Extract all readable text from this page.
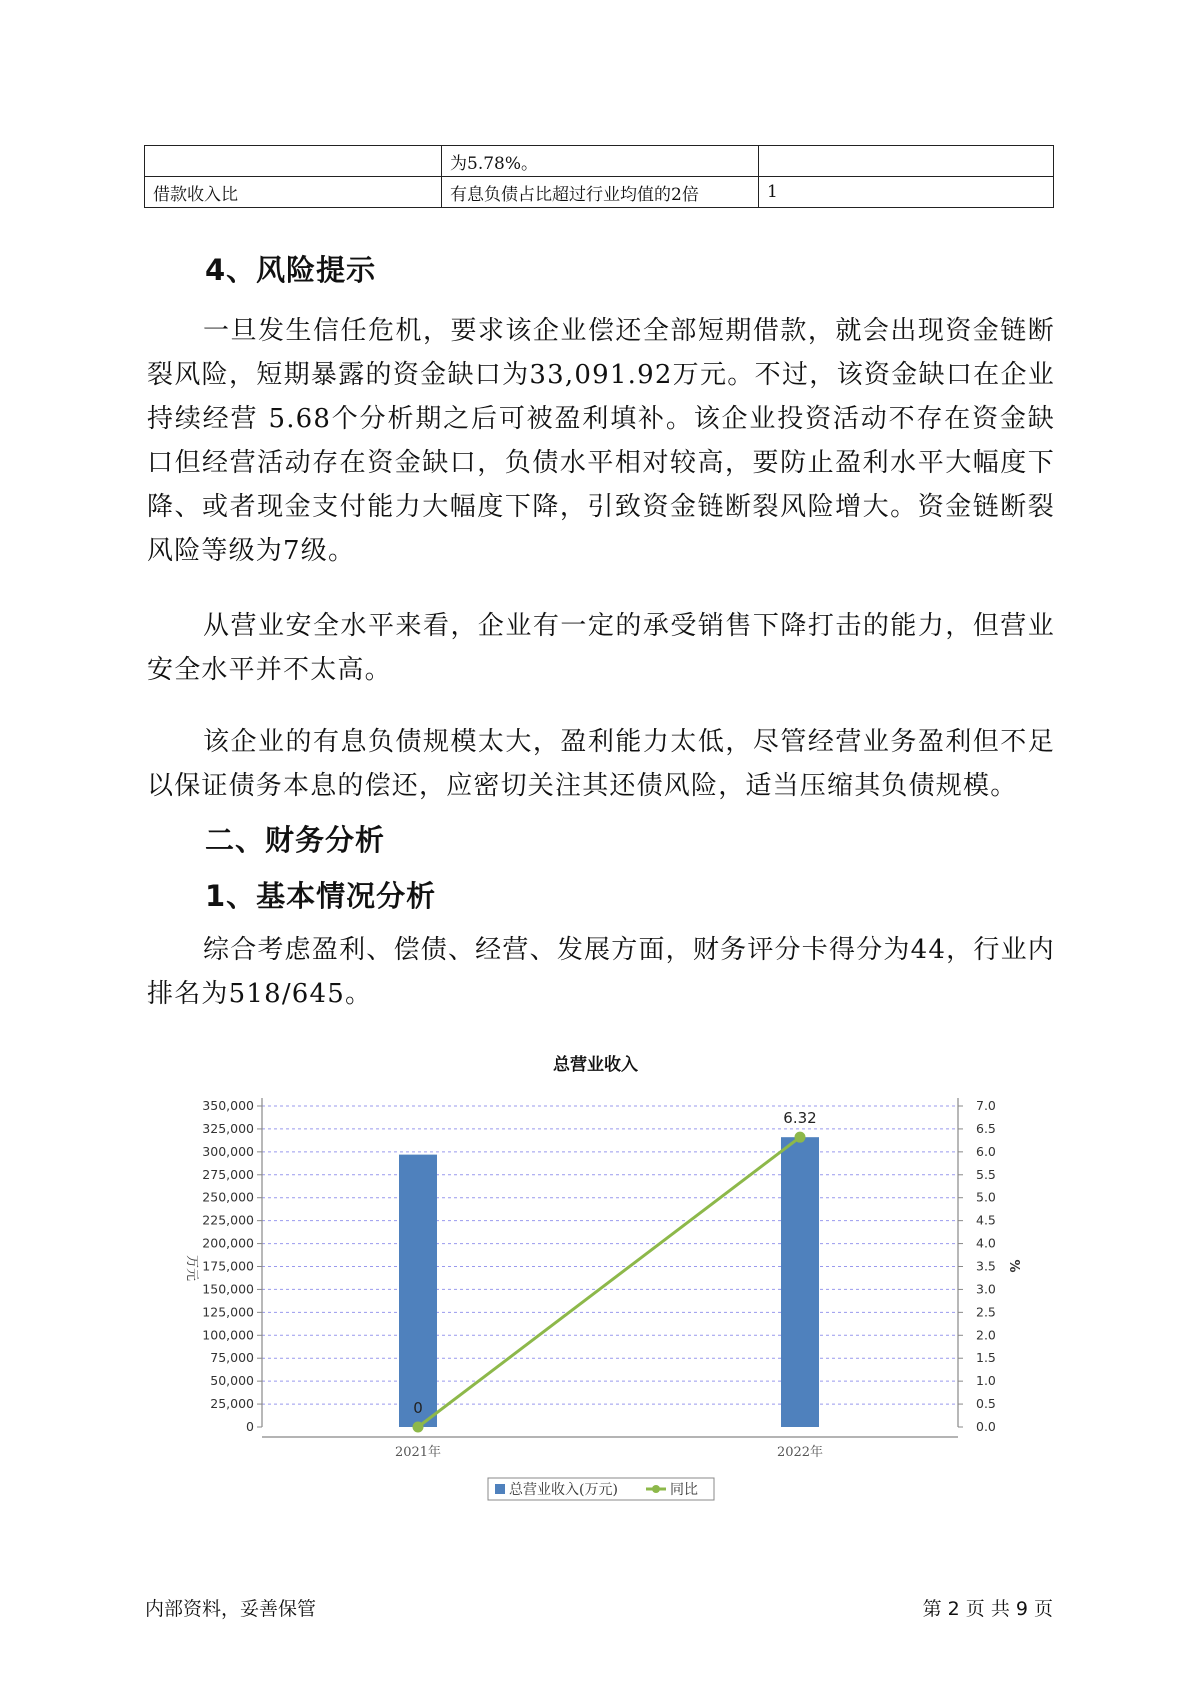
	为5.78%。	
借款收入比	有息负债占比超过行业均值的2倍	1
4、风险提示

一旦发生信任危机，要求该企业偿还全部短期借款，就会出现资金链断裂风险，短期暴露的资金缺口为33,091.92万元。不过，该资金缺口在企业持续经营 5.68个分析期之后可被盈利填补。该企业投资活动不存在资金缺口但经营活动存在资金缺口，负债水平相对较高，要防止盈利水平大幅度下降、或者现金支付能力大幅度下降，引致资金链断裂风险增大。资金链断裂风险等级为7级。

从营业安全水平来看，企业有一定的承受销售下降打击的能力，但营业安全水平并不太高。

该企业的有息负债规模太大，盈利能力太低，尽管经营业务盈利但不足以保证债务本息的偿还，应密切关注其还债风险，适当压缩其负债规模。

二、财务分析
1、基本情况分析

综合考虑盈利、偿债、经营、发展方面，财务评分卡得分为44，行业内排名为518/645。

总营业收入
350,000	7.0
325,000	6.5
300,000	6.0
275,000	5.5
250,000	5.0
225,000	4.5
200,000	4.0
175,000	3.5
150,000	3.0
125,000	2.5
100,000	2.0
75,000	1.5
50,000	1.0
25,000	0.5
0	0.0
万元	%
2021年	2022年
0
6.32
总营业收入(万元)	同比
内部资料，妥善保管	第 2 页 共 9 页
